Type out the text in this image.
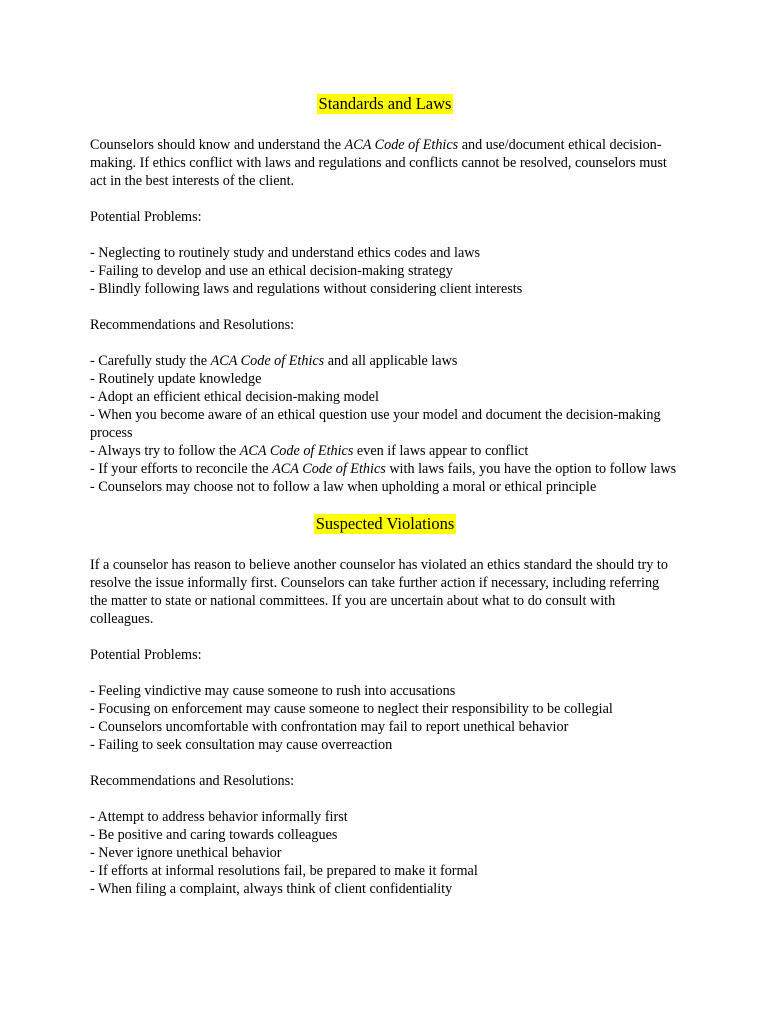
Standards and Laws

Counselors should know and understand the ACA Code of Ethics and use/document ethical decision-making. If ethics conflict with laws and regulations and conflicts cannot be resolved, counselors must act in the best interests of the client.

Potential Problems:

- Neglecting to routinely study and understand ethics codes and laws
- Failing to develop and use an ethical decision-making strategy
- Blindly following laws and regulations without considering client interests

Recommendations and Resolutions:

- Carefully study the ACA Code of Ethics and all applicable laws
- Routinely update knowledge
- Adopt an efficient ethical decision-making model
- When you become aware of an ethical question use your model and document the decision-making process
- Always try to follow the ACA Code of Ethics even if laws appear to conflict
- If your efforts to reconcile the ACA Code of Ethics with laws fails, you have the option to follow laws
- Counselors may choose not to follow a law when upholding a moral or ethical principle
Suspected Violations

If a counselor has reason to believe another counselor has violated an ethics standard the should try to resolve the issue informally first. Counselors can take further action if necessary, including referring the matter to state or national committees. If you are uncertain about what to do consult with colleagues.

Potential Problems:

- Feeling vindictive may cause someone to rush into accusations
- Focusing on enforcement may cause someone to neglect their responsibility to be collegial
- Counselors uncomfortable with confrontation may fail to report unethical behavior
- Failing to seek consultation may cause overreaction

Recommendations and Resolutions:

- Attempt to address behavior informally first
- Be positive and caring towards colleagues
- Never ignore unethical behavior
- If efforts at informal resolutions fail, be prepared to make it formal
- When filing a complaint, always think of client confidentiality
